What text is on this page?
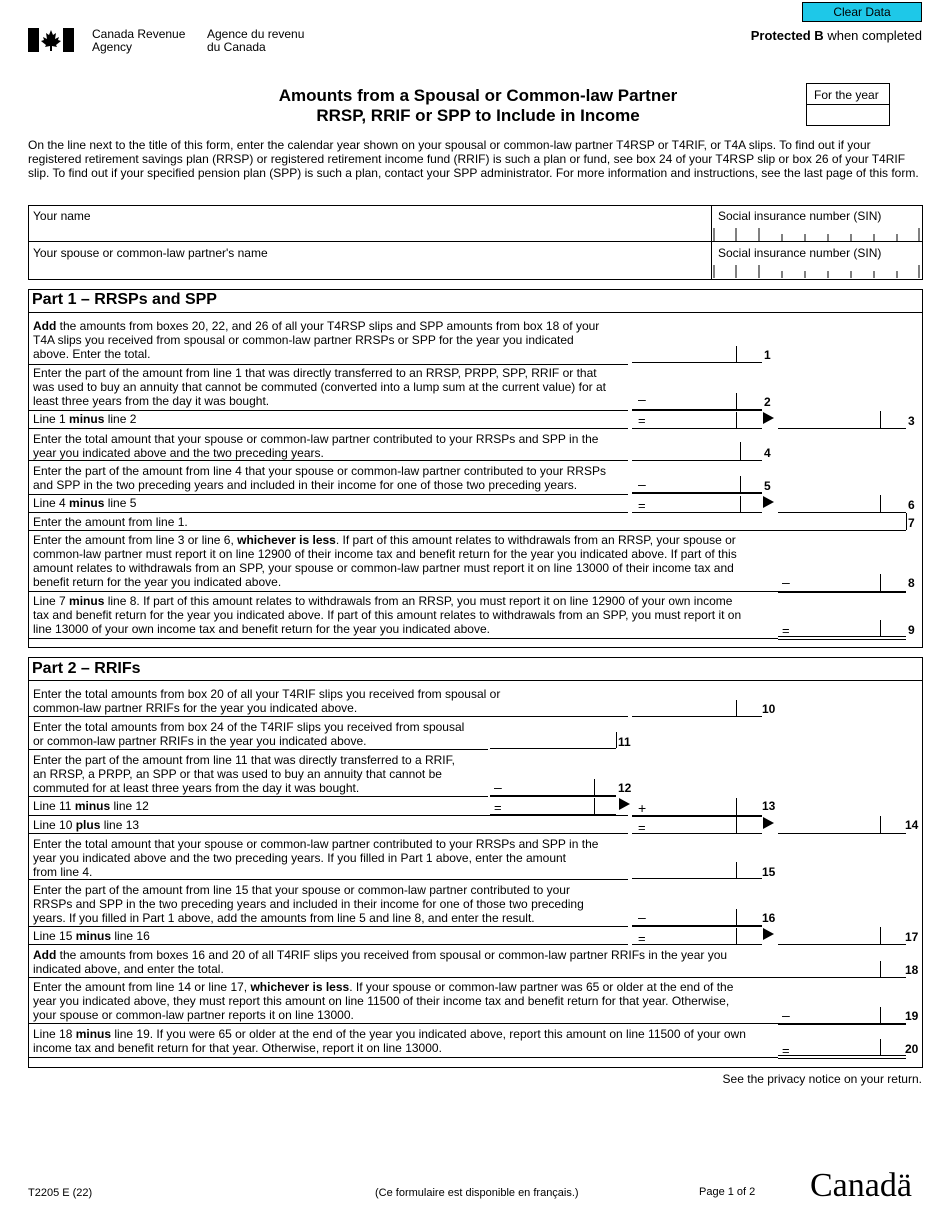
Clear Data
Canada Revenue
Agency
Agence du revenu
du Canada
Protected B when completed
Amounts from a Spousal or Common-law Partner
RRSP, RRIF or SPP to Include in Income
For the year
On the line next to the title of this form, enter the calendar year shown on your spousal or common-law partner T4RSP or T4RIF, or T4A slips. To find out if your registered retirement savings plan (RRSP) or registered retirement income fund (RRIF) is such a plan or fund, see box 24 of your T4RSP slip or box 26 of your T4RIF slip. To find out if your specified pension plan (SPP) is such a plan, contact your SPP administrator. For more information and instructions, see the last page of this form.
Your name	Social insurance number (SIN)
Your spouse or common-law partner's name	Social insurance number (SIN)
Part 1 – RRSPs and SPP
Add the amounts from boxes 20, 22, and 26 of all your T4RSP slips and SPP amounts from box 18 of your
T4A slips you received from spousal or common-law partner RRSPs or SPP for the year you indicated
above. Enter the total.	1
Enter the part of the amount from line 1 that was directly transferred to an RRSP, PRPP, SPP, RRIF or that
was used to buy an annuity that cannot be commuted (converted into a lump sum at the current value) for at
least three years from the day it was bought.	–	2
Line 1 minus line 2	=	3
Enter the total amount that your spouse or common-law partner contributed to your RRSPs and SPP in the
year you indicated above and the two preceding years.	4
Enter the part of the amount from line 4 that your spouse or common-law partner contributed to your RRSPs
and SPP in the two preceding years and included in their income for one of those two preceding years.	–	5
Line 4 minus line 5	=	6
Enter the amount from line 1.	7
Enter the amount from line 3 or line 6, whichever is less. If part of this amount relates to withdrawals from an RRSP, your spouse or
common-law partner must report it on line 12900 of their income tax and benefit return for the year you indicated above. If part of this
amount relates to withdrawals from an SPP, your spouse or common-law partner must report it on line 13000 of their income tax and
benefit return for the year you indicated above.	–	8
Line 7 minus line 8. If part of this amount relates to withdrawals from an RRSP, you must report it on line 12900 of your own income
tax and benefit return for the year you indicated above. If part of this amount relates to withdrawals from an SPP, you must report it on
line 13000 of your own income tax and benefit return for the year you indicated above.	=	9
Part 2 – RRIFs
Enter the total amounts from box 20 of all your T4RIF slips you received from spousal or
common-law partner RRIFs for the year you indicated above.	10
Enter the total amounts from box 24 of the T4RIF slips you received from spousal
or common-law partner RRIFs in the year you indicated above.	11
Enter the part of the amount from line 11 that was directly transferred to a RRIF,
an RRSP, a PRPP, an SPP or that was used to buy an annuity that cannot be
commuted for at least three years from the day it was bought.	–	12
Line 11 minus line 12	=	+	13
Line 10 plus line 13	=	14
Enter the total amount that your spouse or common-law partner contributed to your RRSPs and SPP in the
year you indicated above and the two preceding years. If you filled in Part 1 above, enter the amount
from line 4.	15
Enter the part of the amount from line 15 that your spouse or common-law partner contributed to your
RRSPs and SPP in the two preceding years and included in their income for one of those two preceding
years. If you filled in Part 1 above, add the amounts from line 5 and line 8, and enter the result.	–	16
Line 15 minus line 16	=	17
Add the amounts from boxes 16 and 20 of all T4RIF slips you received from spousal or common-law partner RRIFs in the year you
indicated above, and enter the total.	18
Enter the amount from line 14 or line 17, whichever is less. If your spouse or common-law partner was 65 or older at the end of the
year you indicated above, they must report this amount on line 11500 of their income tax and benefit return for that year. Otherwise,
your spouse or common-law partner reports it on line 13000.	–	19
Line 18 minus line 19. If you were 65 or older at the end of the year you indicated above, report this amount on line 11500 of your own
income tax and benefit return for that year. Otherwise, report it on line 13000.	=	20
See the privacy notice on your return.
T2205 E (22)	(Ce formulaire est disponible en français.)	Page 1 of 2 Canadä
